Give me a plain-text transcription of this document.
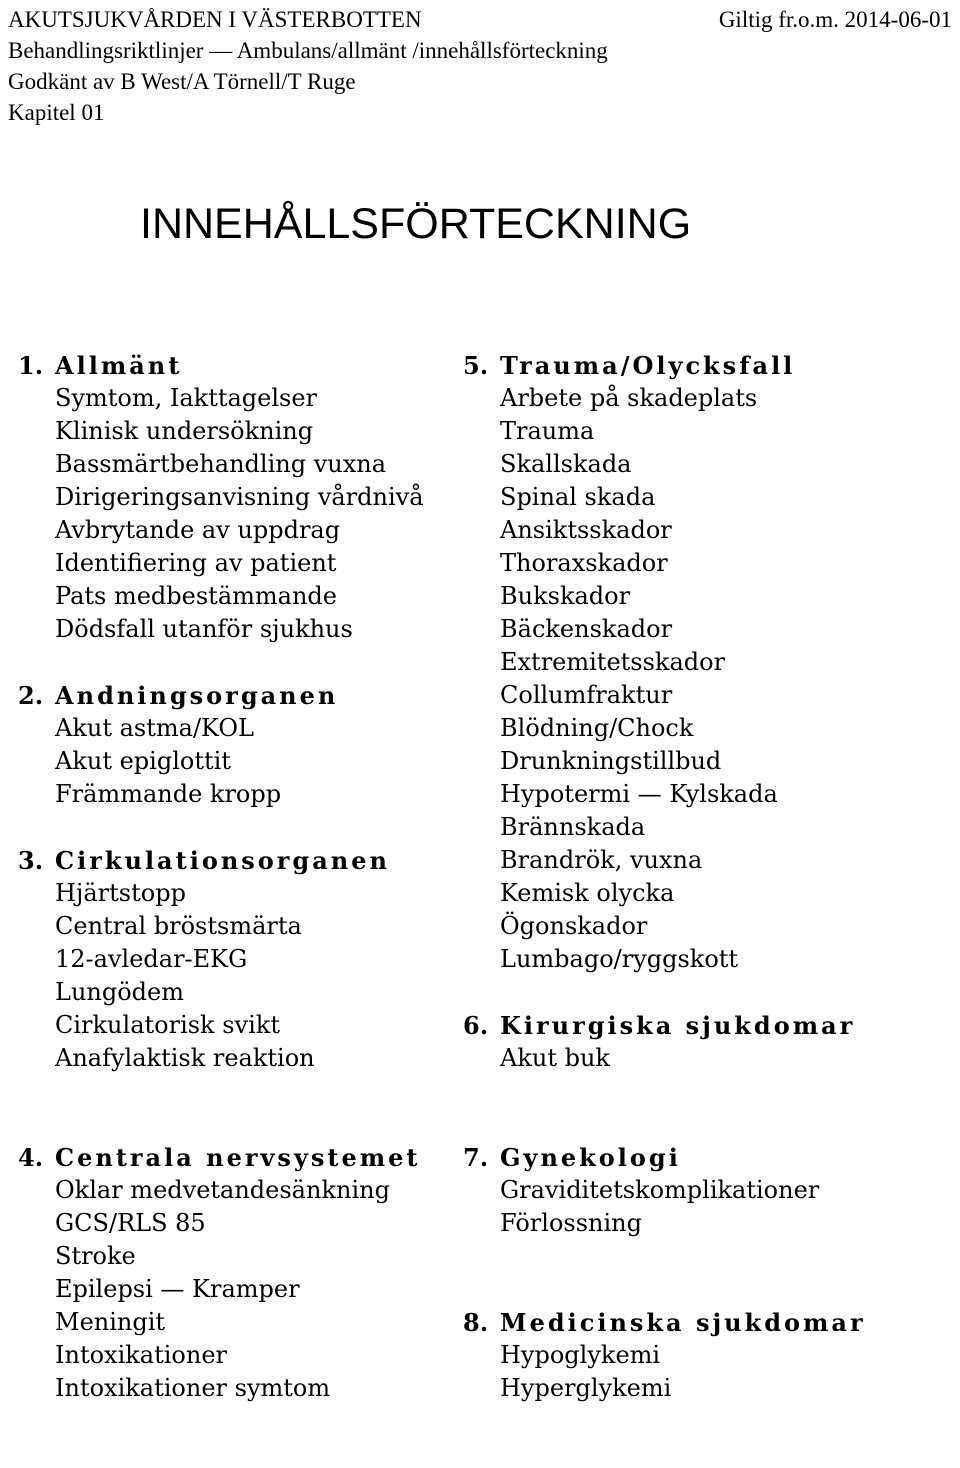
AKUTSJUKVÅRDEN I VÄSTERBOTTEN	Giltig fr.o.m. 2014-06-01
Behandlingsriktlinjer — Ambulans/allmänt /innehållsförteckning
Godkänt av B West/A Törnell/T Ruge
Kapitel 01
INNEHÅLLSFÖRTECKNING
1. Allmänt
Symtom, Iakttagelser
Klinisk undersökning
Bassmärtbehandling vuxna
Dirigeringsanvisning vårdnivå
Avbrytande av uppdrag
Identifiering av patient
Pats medbestämmande
Dödsfall utanför sjukhus
2. Andningsorganen
Akut astma/KOL
Akut epiglottit
Främmande kropp
3. Cirkulationsorganen
Hjärtstopp
Central bröstsmärta
12-avledar-EKG
Lungödem
Cirkulatorisk svikt
Anafylaktisk reaktion
4. Centrala nervsystemet
Oklar medvetandesänkning
GCS/RLS 85
Stroke
Epilepsi — Kramper
Meningit
Intoxikationer
Intoxikationer symtom
5. Trauma/Olycksfall
Arbete på skadeplats
Trauma
Skallskada
Spinal skada
Ansiktsskador
Thoraxskador
Bukskador
Bäckenskador
Extremitetsskador
Collumfraktur
Blödning/Chock
Drunkningstillbud
Hypotermi — Kylskada
Brännskada
Brandrök, vuxna
Kemisk olycka
Ögonskador
Lumbago/ryggskott
6. Kirurgiska sjukdomar
Akut buk
7. Gynekologi
Graviditetskomplikationer
Förlossning
8. Medicinska sjukdomar
Hypoglykemi
Hyperglykemi
